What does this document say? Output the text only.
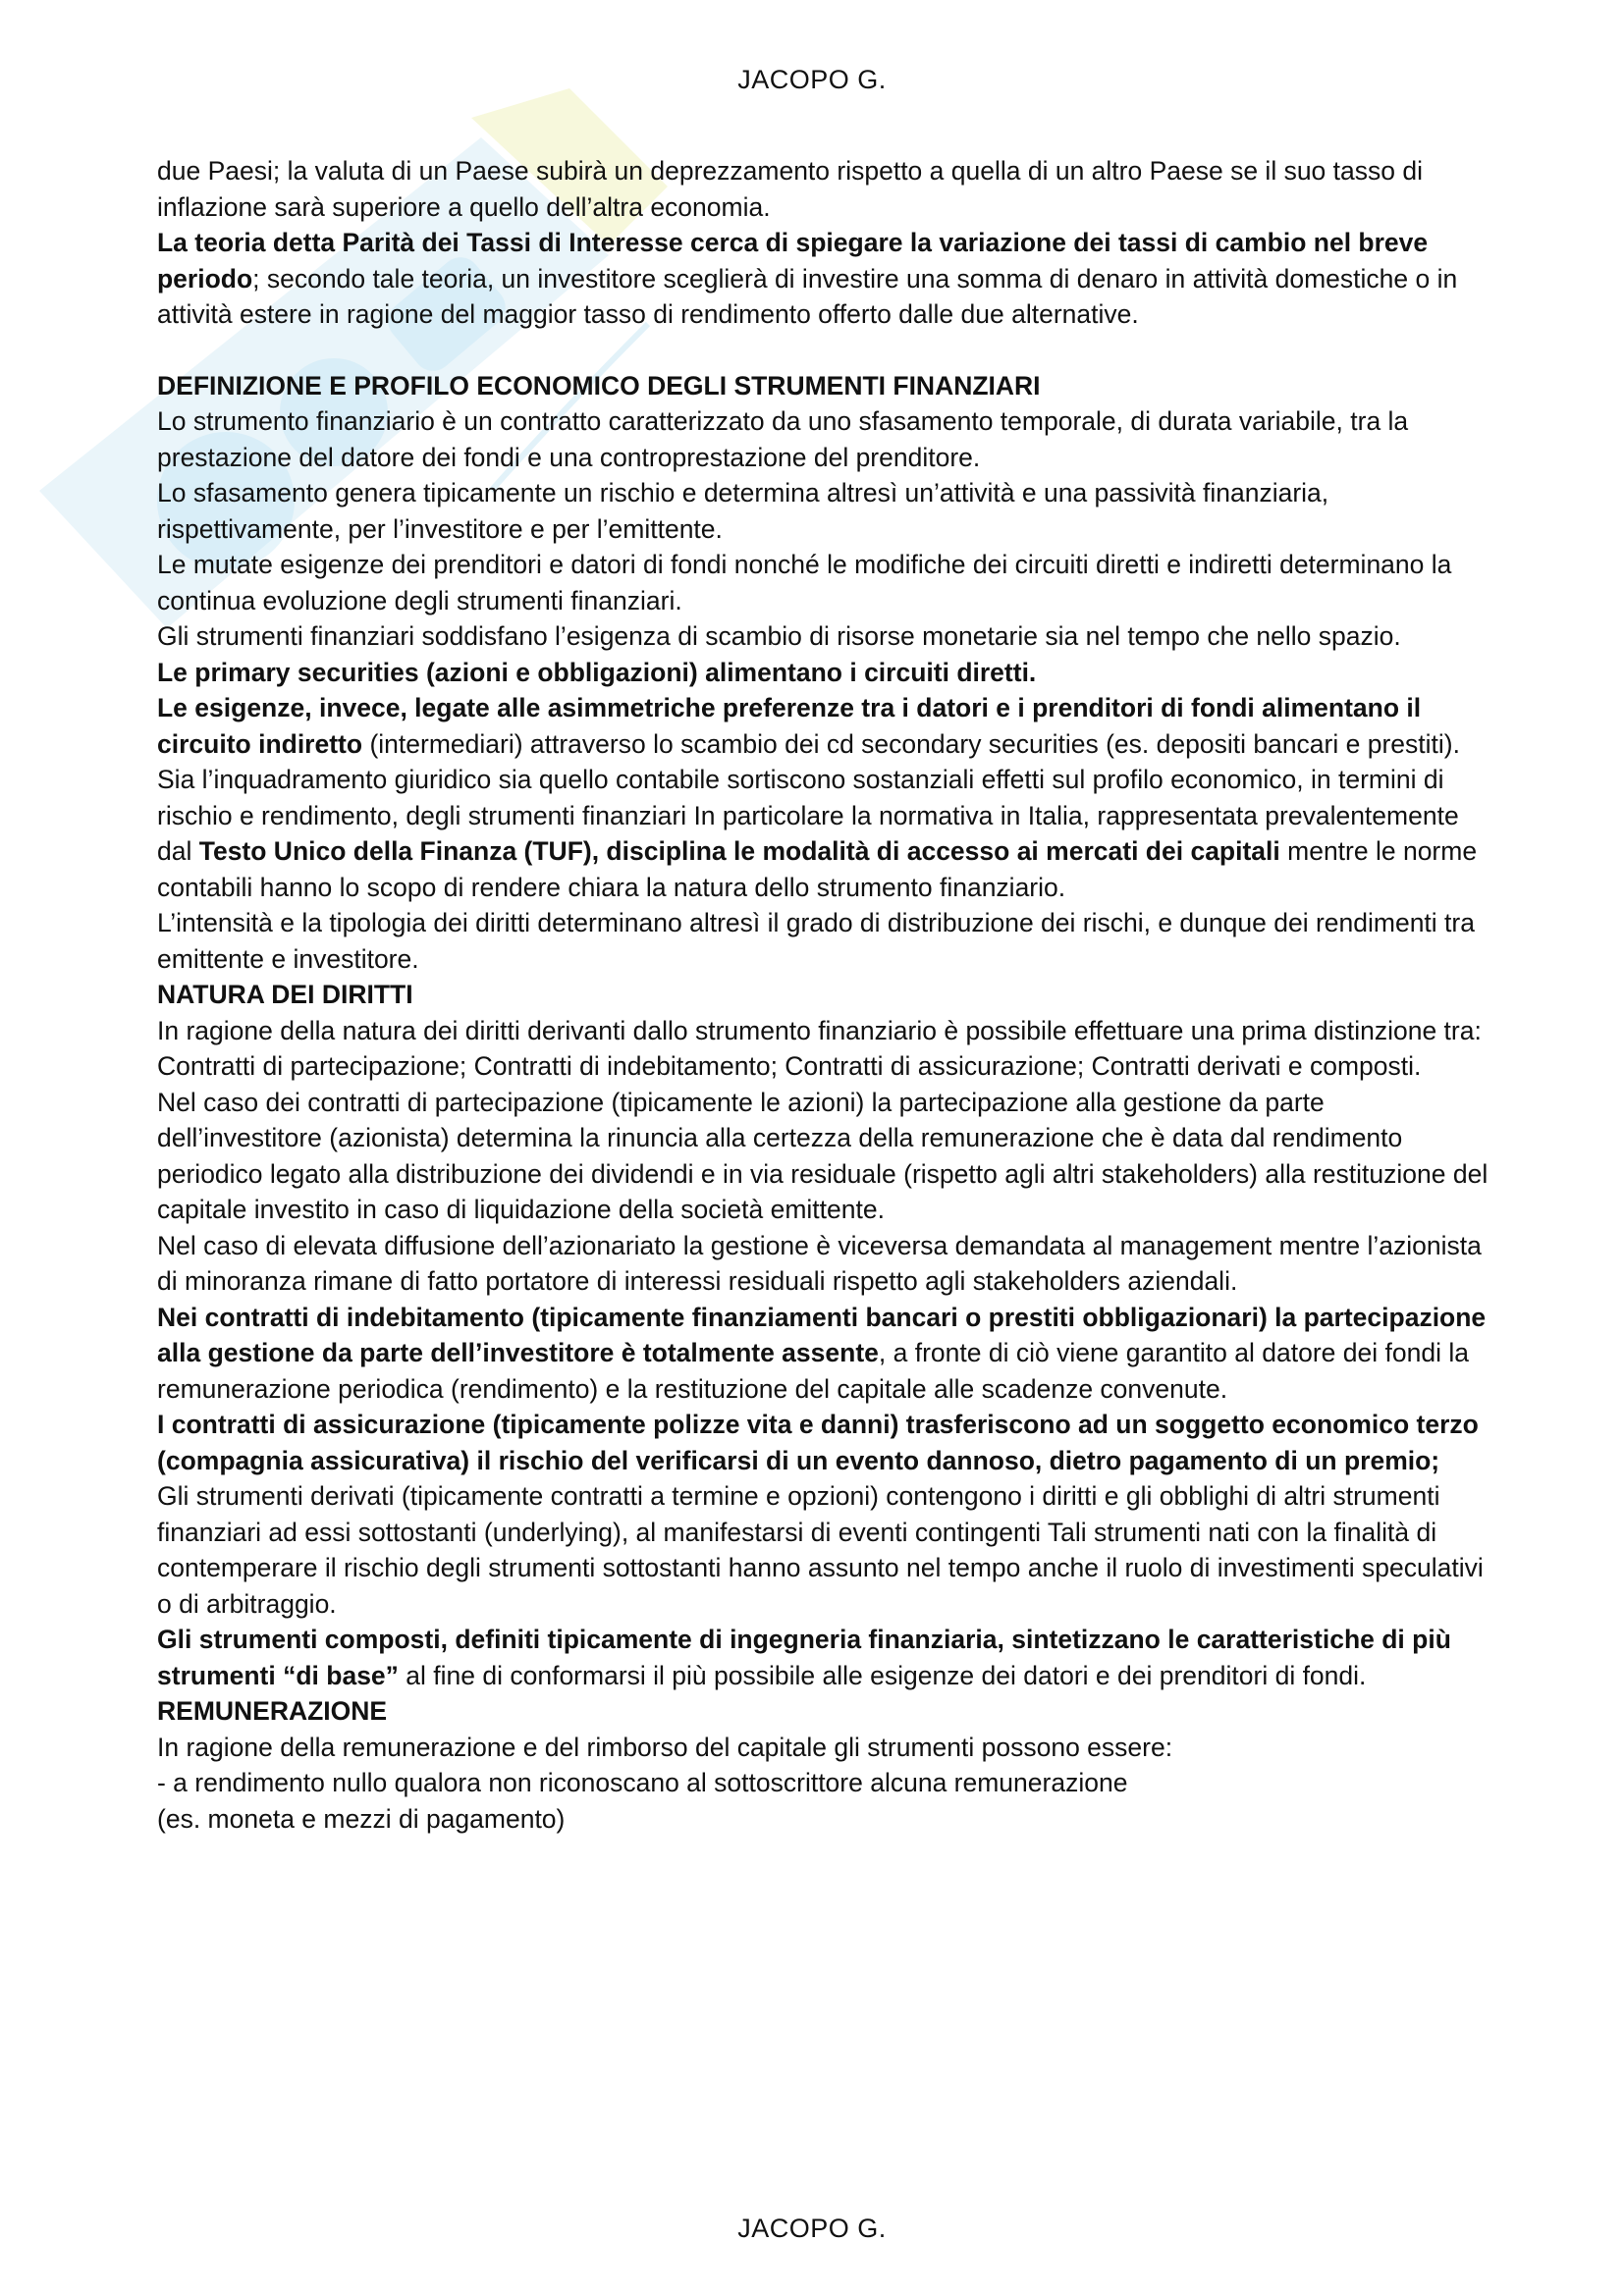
JACOPO G.

due Paesi; la valuta di un Paese subirà un deprezzamento rispetto a quella di un altro Paese se il suo tasso di inflazione sarà superiore a quello dell’altra economia.

La teoria detta Parità dei Tassi di Interesse cerca di spiegare la variazione dei tassi di cambio nel breve periodo; secondo tale teoria, un investitore sceglierà di investire una somma di denaro in attività domestiche o in attività estere in ragione del maggior tasso di rendimento offerto dalle due alternative.

DEFINIZIONE E PROFILO ECONOMICO DEGLI STRUMENTI FINANZIARI

Lo strumento finanziario è un contratto caratterizzato da uno sfasamento temporale, di durata variabile, tra la prestazione del datore dei fondi e una controprestazione del prenditore.

Lo sfasamento genera tipicamente un rischio e determina altresì un’attività e una passività finanziaria, rispettivamente, per l’investitore e per l’emittente.

Le mutate esigenze dei prenditori e datori di fondi nonché le modifiche dei circuiti diretti e indiretti determinano la continua evoluzione degli strumenti finanziari.

Gli strumenti finanziari soddisfano l’esigenza di scambio di risorse monetarie sia nel tempo che nello spazio.

Le primary securities (azioni e obbligazioni) alimentano i circuiti diretti.

Le esigenze, invece, legate alle asimmetriche preferenze tra i datori e i prenditori di fondi alimentano il circuito indiretto (intermediari) attraverso lo scambio dei cd secondary securities (es. depositi bancari e prestiti).

Sia l’inquadramento giuridico sia quello contabile sortiscono sostanziali effetti sul profilo economico, in termini di rischio e rendimento, degli strumenti finanziari In particolare la normativa in Italia, rappresentata prevalentemente dal Testo Unico della Finanza (TUF), disciplina le modalità di accesso ai mercati dei capitali mentre le norme contabili hanno lo scopo di rendere chiara la natura dello strumento finanziario.

L’intensità e la tipologia dei diritti determinano altresì il grado di distribuzione dei rischi, e dunque dei rendimenti tra emittente e investitore.

NATURA DEI DIRITTI

In ragione della natura dei diritti derivanti dallo strumento finanziario è possibile effettuare una prima distinzione tra: Contratti di partecipazione; Contratti di indebitamento; Contratti di assicurazione; Contratti derivati e composti.

Nel caso dei contratti di partecipazione (tipicamente le azioni) la partecipazione alla gestione da parte dell’investitore (azionista) determina la rinuncia alla certezza della remunerazione che è data dal rendimento periodico legato alla distribuzione dei dividendi e in via residuale (rispetto agli altri stakeholders) alla restituzione del capitale investito in caso di liquidazione della società emittente.

Nel caso di elevata diffusione dell’azionariato la gestione è viceversa demandata al management mentre l’azionista di minoranza rimane di fatto portatore di interessi residuali rispetto agli stakeholders aziendali.

Nei contratti di indebitamento (tipicamente finanziamenti bancari o prestiti obbligazionari) la partecipazione alla gestione da parte dell’investitore è totalmente assente, a fronte di ciò viene garantito al datore dei fondi la remunerazione periodica (rendimento) e la restituzione del capitale alle scadenze convenute.

I contratti di assicurazione (tipicamente polizze vita e danni) trasferiscono ad un soggetto economico terzo (compagnia assicurativa) il rischio del verificarsi di un evento dannoso, dietro pagamento di un premio;

Gli strumenti derivati (tipicamente contratti a termine e opzioni) contengono i diritti e gli obblighi di altri strumenti finanziari ad essi sottostanti (underlying), al manifestarsi di eventi contingenti Tali strumenti nati con la finalità di contemperare il rischio degli strumenti sottostanti hanno assunto nel tempo anche il ruolo di investimenti speculativi o di arbitraggio.

Gli strumenti composti, definiti tipicamente di ingegneria finanziaria, sintetizzano le caratteristiche di più strumenti “di base” al fine di conformarsi il più possibile alle esigenze dei datori e dei prenditori di fondi.

REMUNERAZIONE

In ragione della remunerazione e del rimborso del capitale gli strumenti possono essere:

- a rendimento nullo qualora non riconoscano al sottoscrittore alcuna remunerazione

(es. moneta e mezzi di pagamento)

JACOPO G.
